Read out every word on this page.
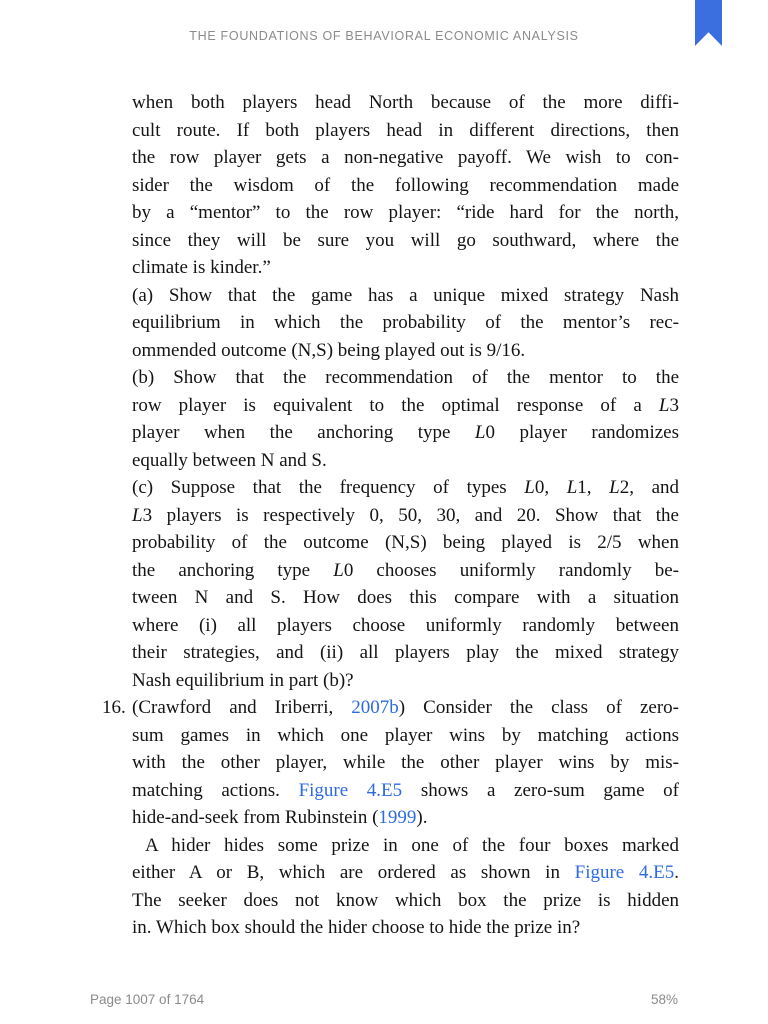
THE FOUNDATIONS OF BEHAVIORAL ECONOMIC ANALYSIS
when both players head North because of the more diffi-
cult route. If both players head in different directions, then
the row player gets a non-negative payoff. We wish to con-
sider the wisdom of the following recommendation made
by a “mentor” to the row player: “ride hard for the north,
since they will be sure you will go southward, where the
climate is kinder.”
(a) Show that the game has a unique mixed strategy Nash
equilibrium in which the probability of the mentor’s rec-
ommended outcome (N,S) being played out is 9/16.
(b) Show that the recommendation of the mentor to the
row player is equivalent to the optimal response of a L3
player when the anchoring type L0 player randomizes
equally between N and S.
(c) Suppose that the frequency of types L0, L1, L2, and
L3 players is respectively 0, 50, 30, and 20. Show that the
probability of the outcome (N,S) being played is 2/5 when
the anchoring type L0 chooses uniformly randomly be-
tween N and S. How does this compare with a situation
where (i) all players choose uniformly randomly between
their strategies, and (ii) all players play the mixed strategy
Nash equilibrium in part (b)?
16. (Crawford and Iriberri, 2007b) Consider the class of zero-
sum games in which one player wins by matching actions
with the other player, while the other player wins by mis-
matching actions. Figure 4.E5 shows a zero-sum game of
hide-and-seek from Rubinstein (1999).
A hider hides some prize in one of the four boxes marked
either A or B, which are ordered as shown in Figure 4.E5.
The seeker does not know which box the prize is hidden
in. Which box should the hider choose to hide the prize in?
Page 1007 of 1764	58%
